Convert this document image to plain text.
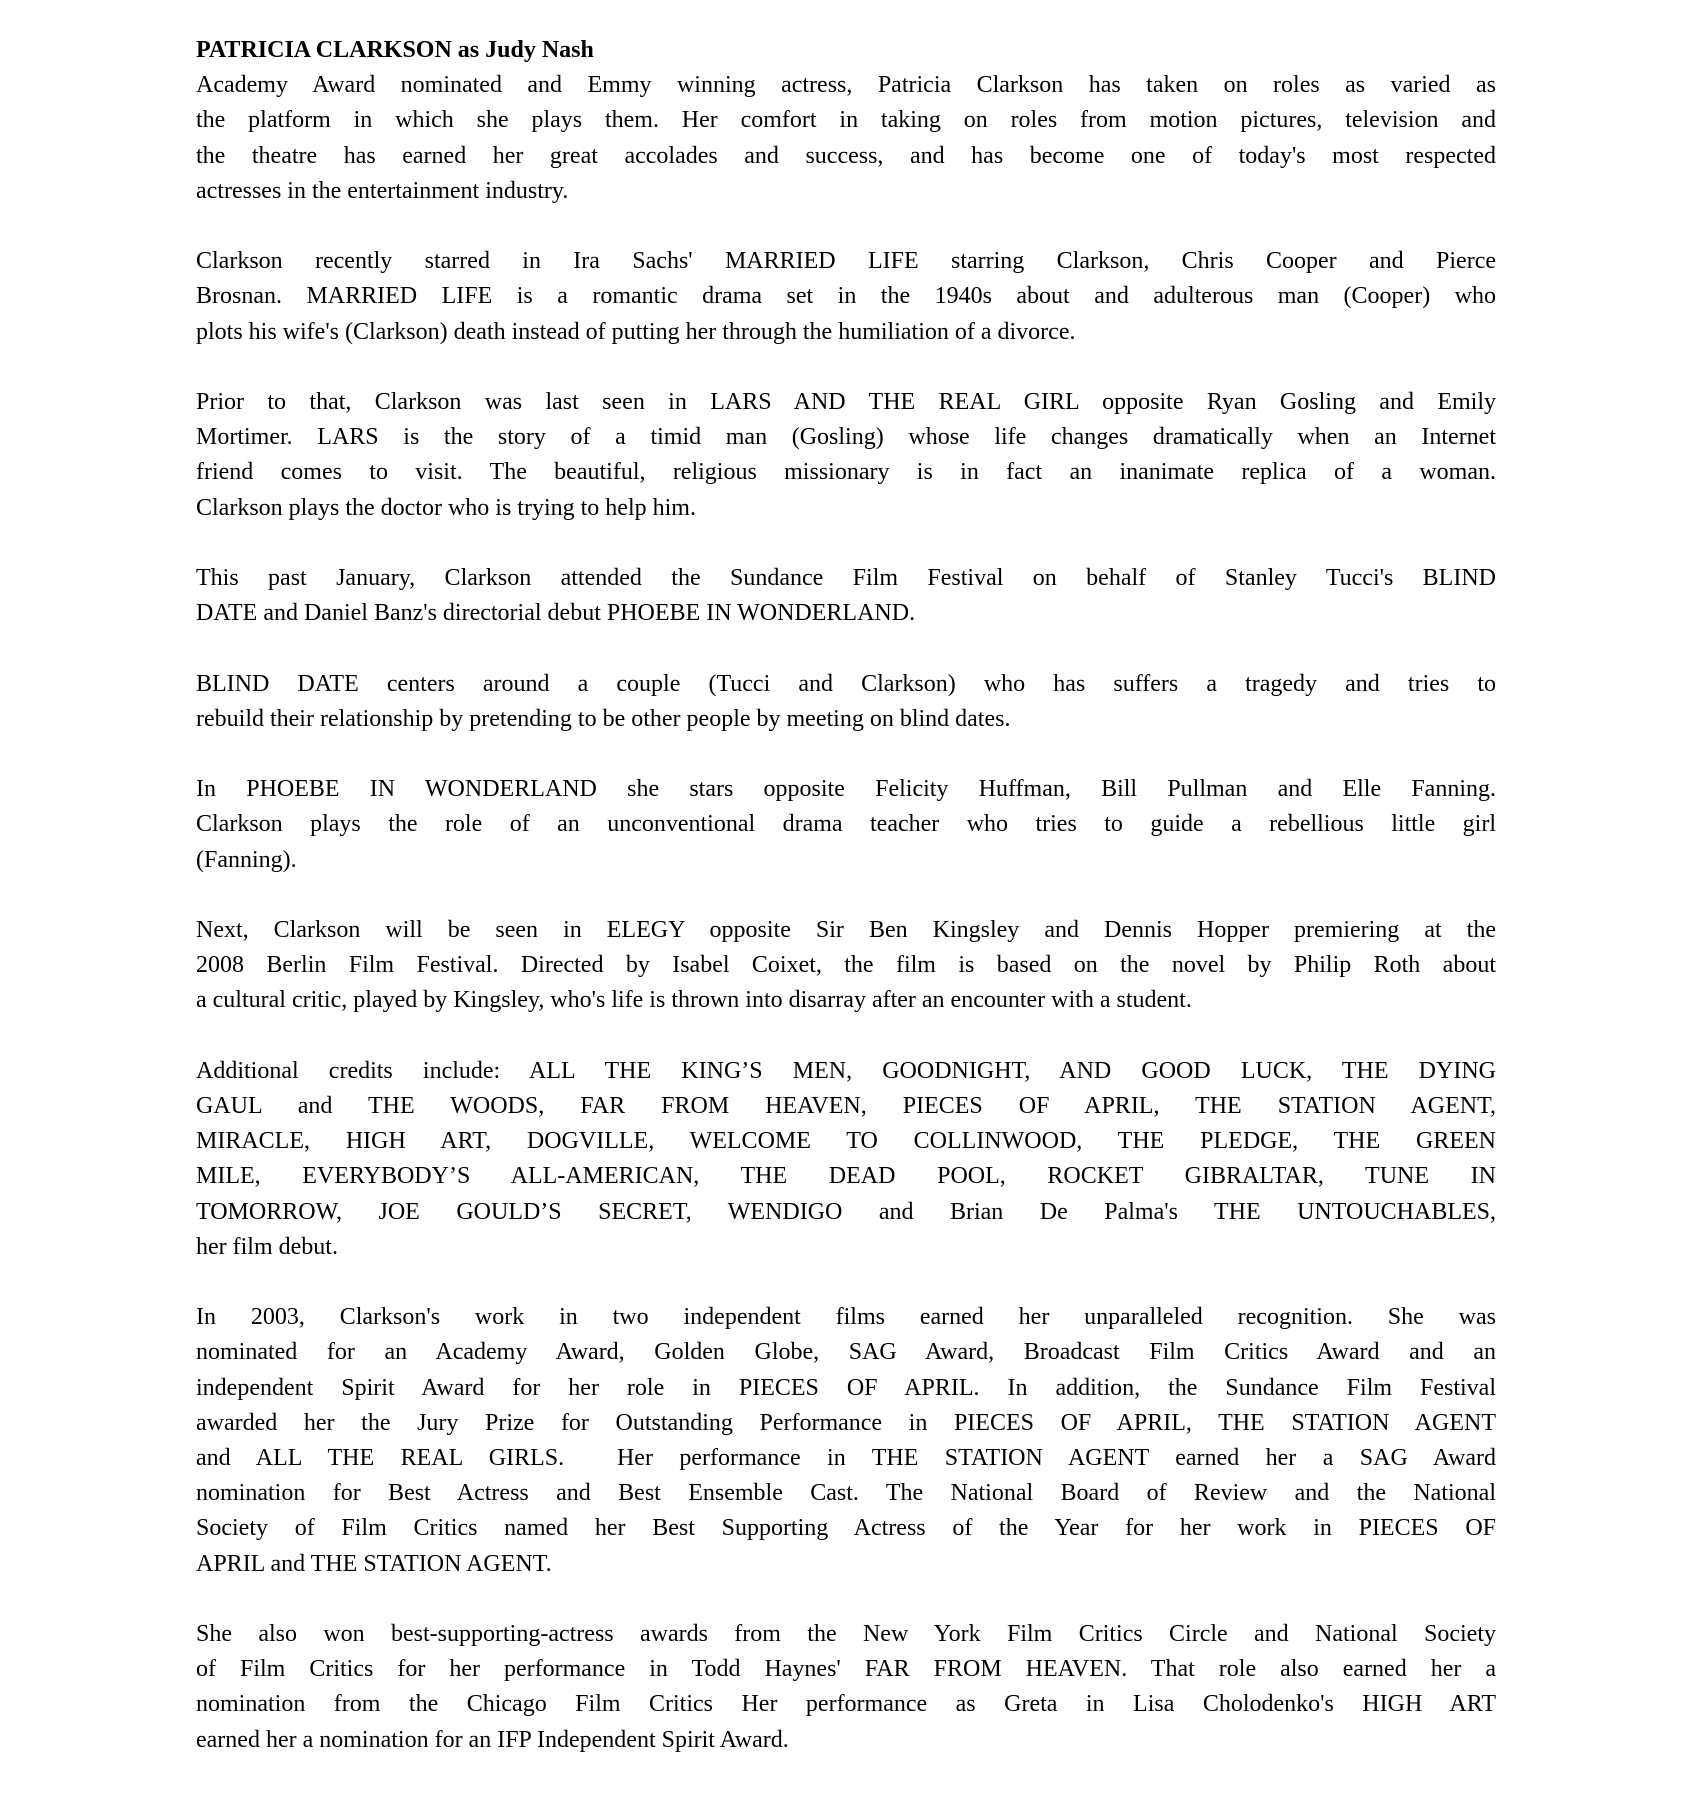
PATRICIA CLARKSON as Judy Nash

Academy Award nominated and Emmy winning actress, Patricia Clarkson has taken on roles as varied as
the platform in which she plays them. Her comfort in taking on roles from motion pictures, television and
the theatre has earned her great accolades and success, and has become one of today's most respected
actresses in the entertainment industry.

Clarkson recently starred in Ira Sachs' MARRIED LIFE starring Clarkson, Chris Cooper and Pierce
Brosnan. MARRIED LIFE is a romantic drama set in the 1940s about and adulterous man (Cooper) who
plots his wife's (Clarkson) death instead of putting her through the humiliation of a divorce.

Prior to that, Clarkson was last seen in LARS AND THE REAL GIRL opposite Ryan Gosling and Emily
Mortimer. LARS is the story of a timid man (Gosling) whose life changes dramatically when an Internet
friend comes to visit. The beautiful, religious missionary is in fact an inanimate replica of a woman.
Clarkson plays the doctor who is trying to help him.

This past January, Clarkson attended the Sundance Film Festival on behalf of Stanley Tucci's BLIND
DATE and Daniel Banz's directorial debut PHOEBE IN WONDERLAND.

BLIND DATE centers around a couple (Tucci and Clarkson) who has suffers a tragedy and tries to
rebuild their relationship by pretending to be other people by meeting on blind dates.

In PHOEBE IN WONDERLAND she stars opposite Felicity Huffman, Bill Pullman and Elle Fanning.
Clarkson plays the role of an unconventional drama teacher who tries to guide a rebellious little girl
(Fanning).

Next, Clarkson will be seen in ELEGY opposite Sir Ben Kingsley and Dennis Hopper premiering at the
2008 Berlin Film Festival. Directed by Isabel Coixet, the film is based on the novel by Philip Roth about
a cultural critic, played by Kingsley, who's life is thrown into disarray after an encounter with a student.

Additional credits include: ALL THE KING’S MEN, GOODNIGHT, AND GOOD LUCK, THE DYING
GAUL and THE WOODS, FAR FROM HEAVEN, PIECES OF APRIL, THE STATION AGENT,
MIRACLE, HIGH ART, DOGVILLE, WELCOME TO COLLINWOOD, THE PLEDGE, THE GREEN
MILE, EVERYBODY’S ALL-AMERICAN, THE DEAD POOL, ROCKET GIBRALTAR, TUNE IN
TOMORROW, JOE GOULD’S SECRET, WENDIGO and Brian De Palma's THE UNTOUCHABLES,
her film debut.

In 2003, Clarkson's work in two independent films earned her unparalleled recognition. She was
nominated for an Academy Award, Golden Globe, SAG Award, Broadcast Film Critics Award and an
independent Spirit Award for her role in PIECES OF APRIL. In addition, the Sundance Film Festival
awarded her the Jury Prize for Outstanding Performance in PIECES OF APRIL, THE STATION AGENT
and ALL THE REAL GIRLS.  Her performance in THE STATION AGENT earned her a SAG Award
nomination for Best Actress and Best Ensemble Cast. The National Board of Review and the National
Society of Film Critics named her Best Supporting Actress of the Year for her work in PIECES OF
APRIL and THE STATION AGENT.

She also won best-supporting-actress awards from the New York Film Critics Circle and National Society
of Film Critics for her performance in Todd Haynes' FAR FROM HEAVEN. That role also earned her a
nomination from the Chicago Film Critics Her performance as Greta in Lisa Cholodenko's HIGH ART
earned her a nomination for an IFP Independent Spirit Award.
